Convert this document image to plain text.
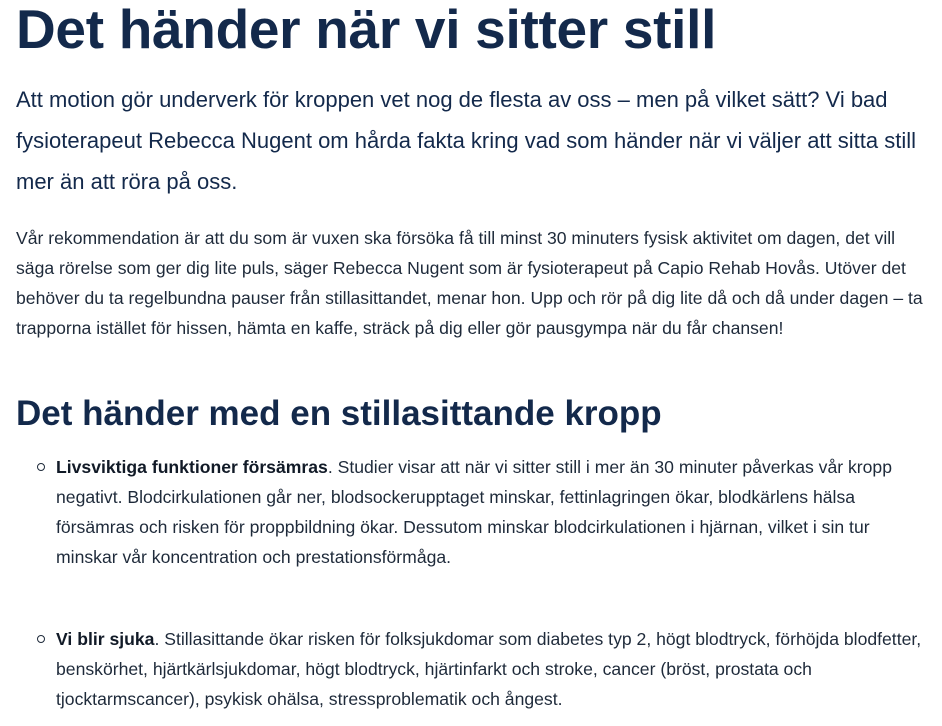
Det händer när vi sitter still

Att motion gör underverk för kroppen vet nog de flesta av oss – men på vilket sätt? Vi bad fysioterapeut Rebecca Nugent om hårda fakta kring vad som händer när vi väljer att sitta still mer än att röra på oss.

Vår rekommendation är att du som är vuxen ska försöka få till minst 30 minuters fysisk aktivitet om dagen, det vill säga rörelse som ger dig lite puls, säger Rebecca Nugent som är fysioterapeut på Capio Rehab Hovås. Utöver det behöver du ta regelbundna pauser från stillasittandet, menar hon. Upp och rör på dig lite då och då under dagen – ta trapporna istället för hissen, hämta en kaffe, sträck på dig eller gör pausgympa när du får chansen!

Det händer med en stillasittande kropp
Livsviktiga funktioner försämras. Studier visar att när vi sitter still i mer än 30 minuter påverkas vår kropp negativt. Blodcirkulationen går ner, blodsockerupptaget minskar, fettinlagringen ökar, blodkärlens hälsa försämras och risken för proppbildning ökar. Dessutom minskar blodcirkulationen i hjärnan, vilket i sin tur minskar vår koncentration och prestationsförmåga.
Vi blir sjuka. Stillasittande ökar risken för folksjukdomar som diabetes typ 2, högt blodtryck, förhöjda blodfetter, benskörhet, hjärtkärlsjukdomar, högt blodtryck, hjärtinfarkt och stroke, cancer (bröst, prostata och tjocktarmscancer), psykisk ohälsa, stressproblematik och ångest.
